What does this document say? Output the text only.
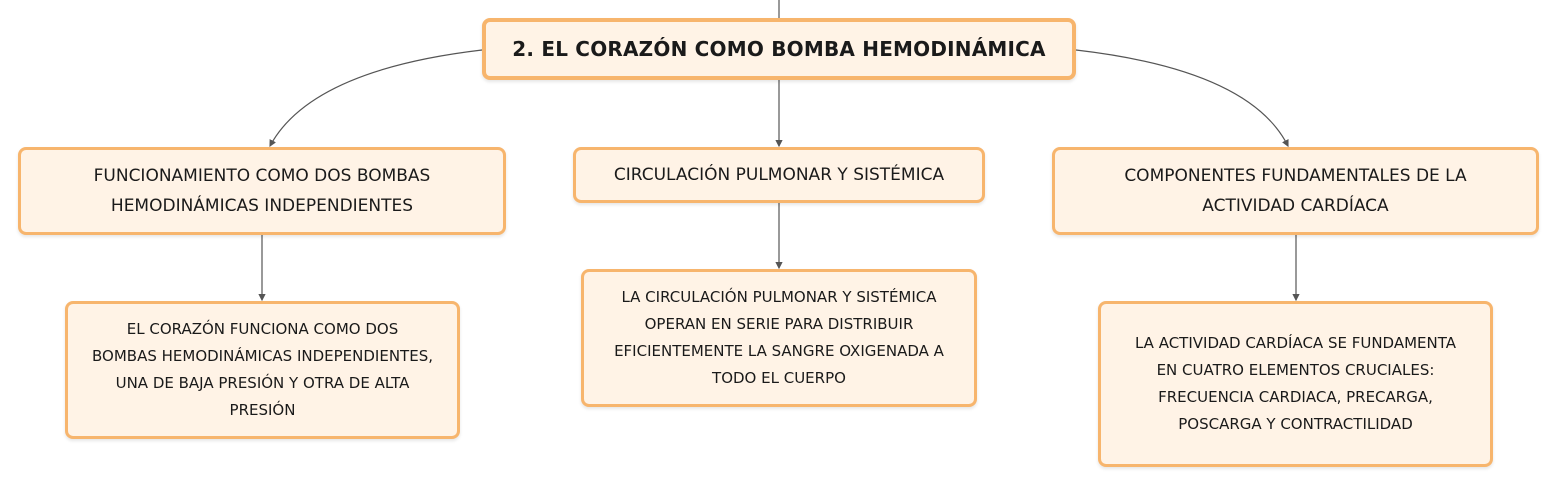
2. EL CORAZÓN COMO BOMBA HEMODINÁMICA
FUNCIONAMIENTO COMO DOS BOMBAS
HEMODINÁMICAS INDEPENDIENTES
CIRCULACIÓN PULMONAR Y SISTÉMICA	COMPONENTES FUNDAMENTALES DE LA
ACTIVIDAD CARDÍACA
EL CORAZÓN FUNCIONA COMO DOS
BOMBAS HEMODINÁMICAS INDEPENDIENTES,
UNA DE BAJA PRESIÓN Y OTRA DE ALTA
PRESIÓN
LA CIRCULACIÓN PULMONAR Y SISTÉMICA
OPERAN EN SERIE PARA DISTRIBUIR
EFICIENTEMENTE LA SANGRE OXIGENADA A
TODO EL CUERPO
LA ACTIVIDAD CARDÍACA SE FUNDAMENTA
EN CUATRO ELEMENTOS CRUCIALES:
FRECUENCIA CARDIACA, PRECARGA,
POSCARGA Y CONTRACTILIDAD
